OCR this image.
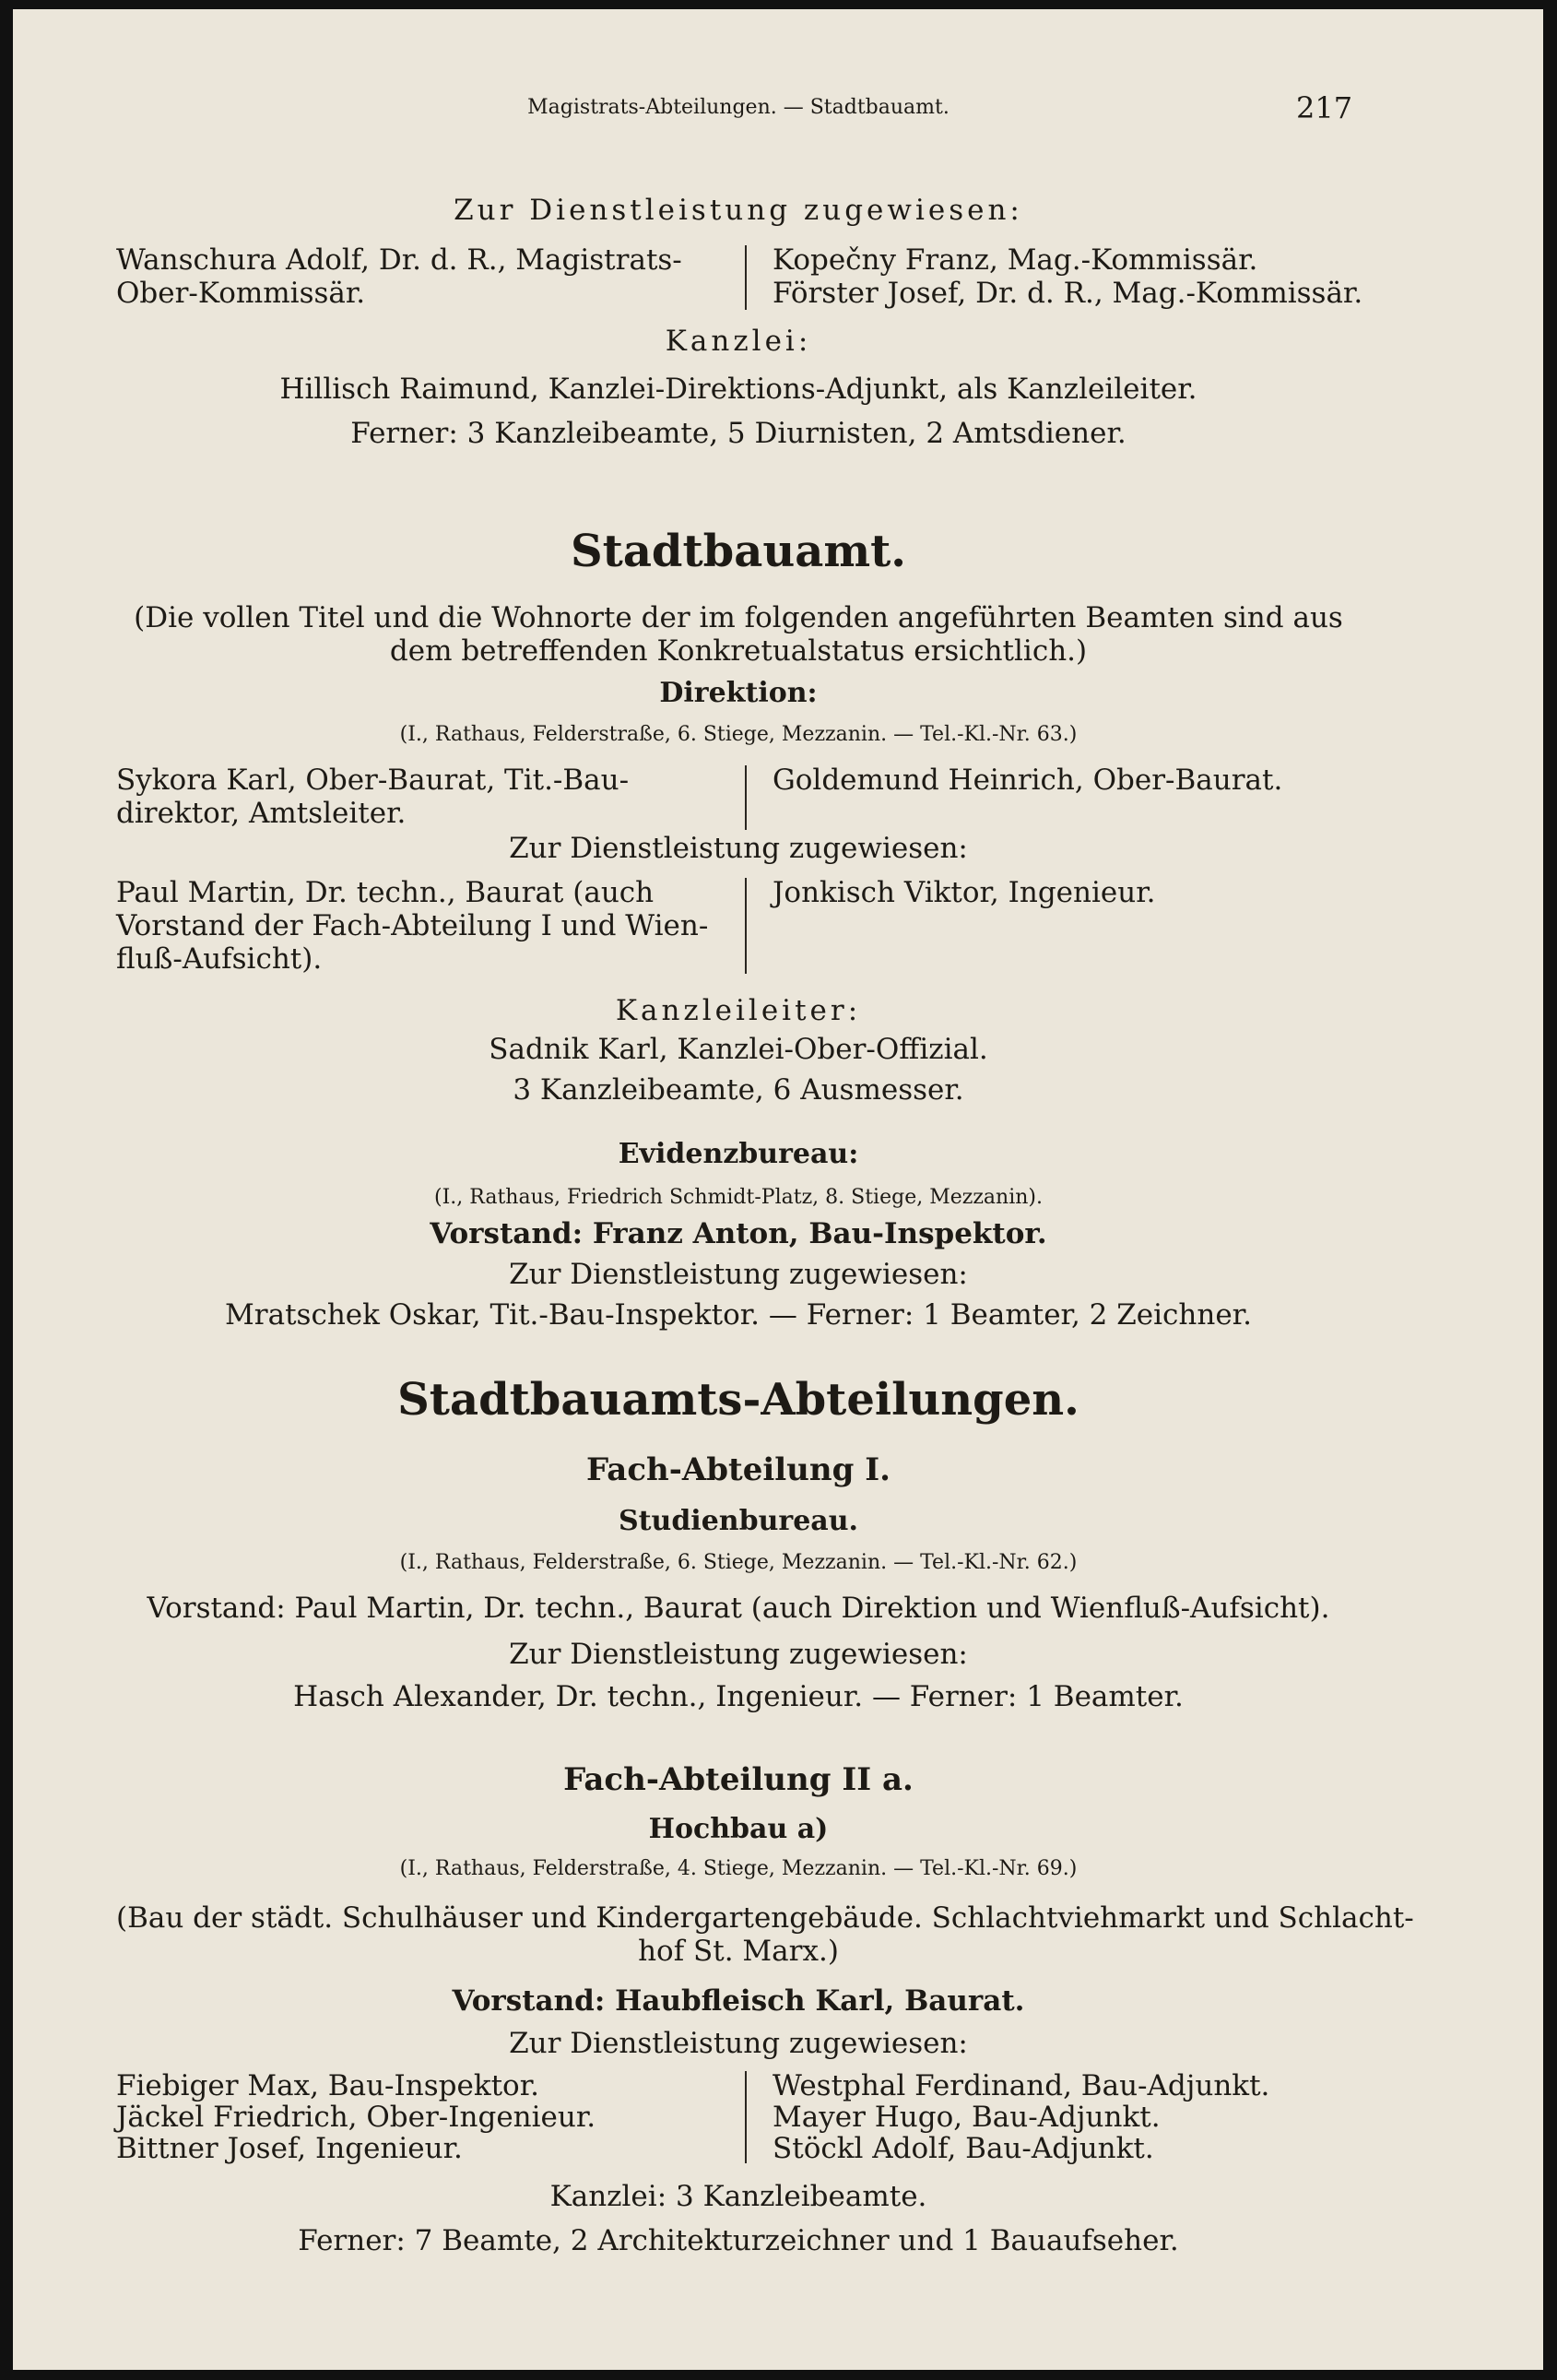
217
Magistrats-Abteilungen. — Stadtbauamt.
Zur Dienstleistung zugewiesen:
Wanschura Adolf, Dr. d. R., Magistrats-
Ober-Kommissär.
Kopečny Franz, Mag.-Kommissär.
Förster Josef, Dr. d. R., Mag.-Kommissär.
Kanzlei:
Hillisch Raimund, Kanzlei-Direktions-Adjunkt, als Kanzleileiter.
Ferner: 3 Kanzleibeamte, 5 Diurnisten, 2 Amtsdiener.
Stadtbauamt.
(Die vollen Titel und die Wohnorte der im folgenden angeführten Beamten sind aus
dem betreffenden Konkretualstatus ersichtlich.)
Direktion:
(I., Rathaus, Felderstraße, 6. Stiege, Mezzanin. — Tel.-Kl.-Nr. 63.)
Sykora Karl, Ober-Baurat, Tit.-Bau-
direktor, Amtsleiter.
Goldemund Heinrich, Ober-Baurat.
Zur Dienstleistung zugewiesen:
Paul Martin, Dr. techn., Baurat (auch
Vorstand der Fach-Abteilung I und Wien-
fluß-Aufsicht).
Jonkisch Viktor, Ingenieur.
Kanzleileiter:
Sadnik Karl, Kanzlei-Ober-Offizial.
3 Kanzleibeamte, 6 Ausmesser.
Evidenzbureau:
(I., Rathaus, Friedrich Schmidt-Platz, 8. Stiege, Mezzanin).
Vorstand: Franz Anton, Bau-Inspektor.
Zur Dienstleistung zugewiesen:
Mratschek Oskar, Tit.-Bau-Inspektor. — Ferner: 1 Beamter, 2 Zeichner.
Stadtbauamts-Abteilungen.
Fach-Abteilung I.
Studienbureau.
(I., Rathaus, Felderstraße, 6. Stiege, Mezzanin. — Tel.-Kl.-Nr. 62.)
Vorstand: Paul Martin, Dr. techn., Baurat (auch Direktion und Wienfluß-Aufsicht).
Zur Dienstleistung zugewiesen:
Hasch Alexander, Dr. techn., Ingenieur. — Ferner: 1 Beamter.
Fach-Abteilung II a.
Hochbau a)
(I., Rathaus, Felderstraße, 4. Stiege, Mezzanin. — Tel.-Kl.-Nr. 69.)
(Bau der städt. Schulhäuser und Kindergartengebäude. Schlachtviehmarkt und Schlacht-
hof St. Marx.)
Vorstand: Haubfleisch Karl, Baurat.
Zur Dienstleistung zugewiesen:
Fiebiger Max, Bau-Inspektor.
Jäckel Friedrich, Ober-Ingenieur.
Bittner Josef, Ingenieur.
Westphal Ferdinand, Bau-Adjunkt.
Mayer Hugo, Bau-Adjunkt.
Stöckl Adolf, Bau-Adjunkt.
Kanzlei: 3 Kanzleibeamte.
Ferner: 7 Beamte, 2 Architekturzeichner und 1 Bauaufseher.
